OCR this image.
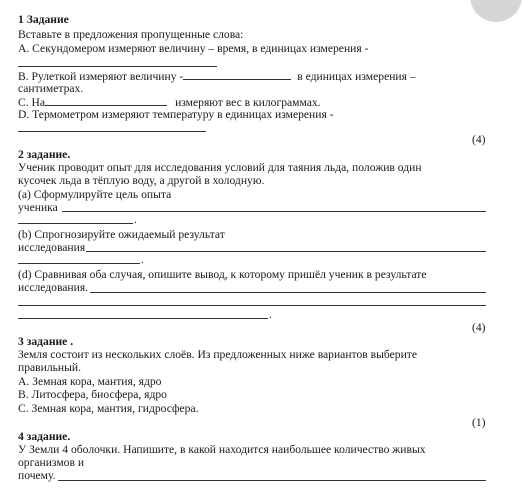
1 Задание
Вставьте в предложения пропущенные слова:
А. Секундомером измеряют величину – время, в единицах измерения -
В. Рулеткой измеряют величину -	в единицах измерения –
сантиметрах.
С. На	измеряют вес в килограммах.
D. Термометром измеряют температуру в единицах измерения -
(4)
2 задание.
Ученик проводит опыт для исследования условий для таяния льда, положив один
кусочек льда в тёплую воду, а другой в холодную.
(а) Сформулируйте цель опыта
ученика
.
(b) Спрогнозируйте ожидаемый результат
исследования
.
(d) Сравнивая оба случая, опишите вывод, к которому пришёл ученик в результате
исследования.
.
(4)
3 задание .
Земля состоит из нескольких слоёв. Из предложенных ниже вариантов выберите
правильный.
А. Земная кора, мантия, ядро
В. Литосфера, биосфера, ядро
С. Земная кора, мантия, гидросфера.
(1)
4 задание.
У Земли 4 оболочки. Напишите, в какой находится наибольшее количество живых
организмов и
почему.
